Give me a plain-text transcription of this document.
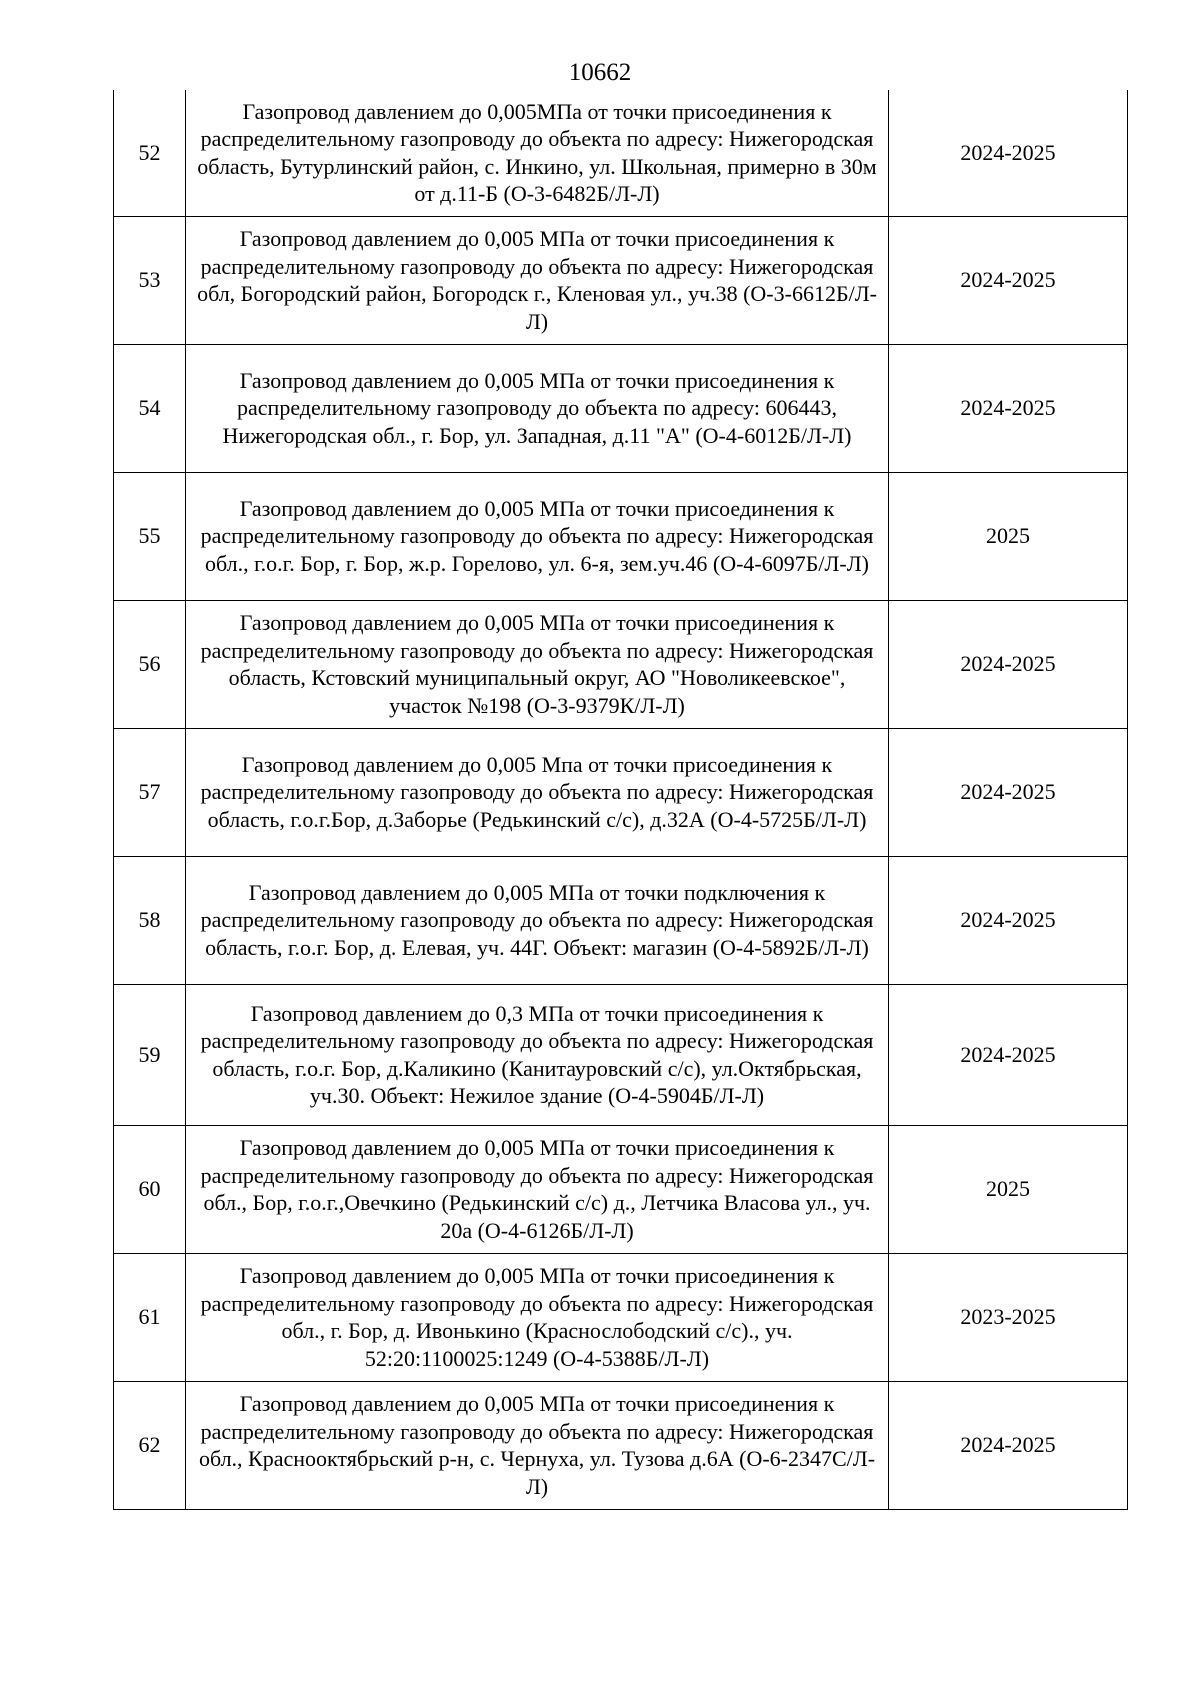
10662
52	Газопровод давлением до 0,005МПа от точки присоединения к распределительному газопроводу до объекта по адресу: Нижегородская область, Бутурлинский район, с. Инкино, ул. Школьная, примерно в 30м от д.11-Б (О-3-6482Б/Л-Л)	2024-2025
53	Газопровод давлением до 0,005 МПа от точки присоединения к распределительному газопроводу до объекта по адресу: Нижегородская обл, Богородский район, Богородск г., Кленовая ул., уч.38 (О-3-6612Б/Л-Л)	2024-2025
54	Газопровод давлением до 0,005 МПа от точки присоединения к распределительному газопроводу до объекта по адресу: 606443, Нижегородская обл., г. Бор, ул. Западная, д.11 "А" (О-4-6012Б/Л-Л)	2024-2025
55	Газопровод давлением до 0,005 МПа от точки присоединения к распределительному газопроводу до объекта по адресу: Нижегородская обл., г.о.г. Бор, г. Бор, ж.р. Горелово, ул. 6-я, зем.уч.46 (О-4-6097Б/Л-Л)	2025
56	Газопровод давлением до 0,005 МПа от точки присоединения к распределительному газопроводу до объекта по адресу: Нижегородская область, Кстовский муниципальный округ, АО "Новоликеевское", участок №198 (О-3-9379К/Л-Л)	2024-2025
57	Газопровод давлением до 0,005 Мпа от точки присоединения к распределительному газопроводу до объекта по адресу: Нижегородская область, г.о.г.Бор, д.Заборье (Редькинский с/с), д.32А (О-4-5725Б/Л-Л)	2024-2025
58	Газопровод давлением до 0,005 МПа от точки подключения к распределительному газопроводу до объекта по адресу: Нижегородская область, г.о.г. Бор, д. Елевая, уч. 44Г. Объект: магазин (О-4-5892Б/Л-Л)	2024-2025
59	Газопровод давлением до 0,3 МПа от точки присоединения к распределительному газопроводу до объекта по адресу: Нижегородская область, г.о.г. Бор, д.Каликино (Канитауровский с/с), ул.Октябрьская, уч.30. Объект: Нежилое здание (О-4-5904Б/Л-Л)	2024-2025
60	Газопровод давлением до 0,005 МПа от точки присоединения к распределительному газопроводу до объекта по адресу: Нижегородская обл., Бор, г.о.г.,Овечкино (Редькинский с/с) д., Летчика Власова ул., уч. 20а (О-4-6126Б/Л-Л)	2025
61	Газопровод давлением до 0,005 МПа от точки присоединения к распределительному газопроводу до объекта по адресу: Нижегородская обл., г. Бор, д. Ивонькино (Краснослободский с/с)., уч. 52:20:1100025:1249 (О-4-5388Б/Л-Л)	2023-2025
62	Газопровод давлением до 0,005 МПа от точки присоединения к распределительному газопроводу до объекта по адресу: Нижегородская обл., Краснооктябрьский р-н, с. Чернуха, ул. Тузова д.6А (О-6-2347С/Л-Л)	2024-2025
